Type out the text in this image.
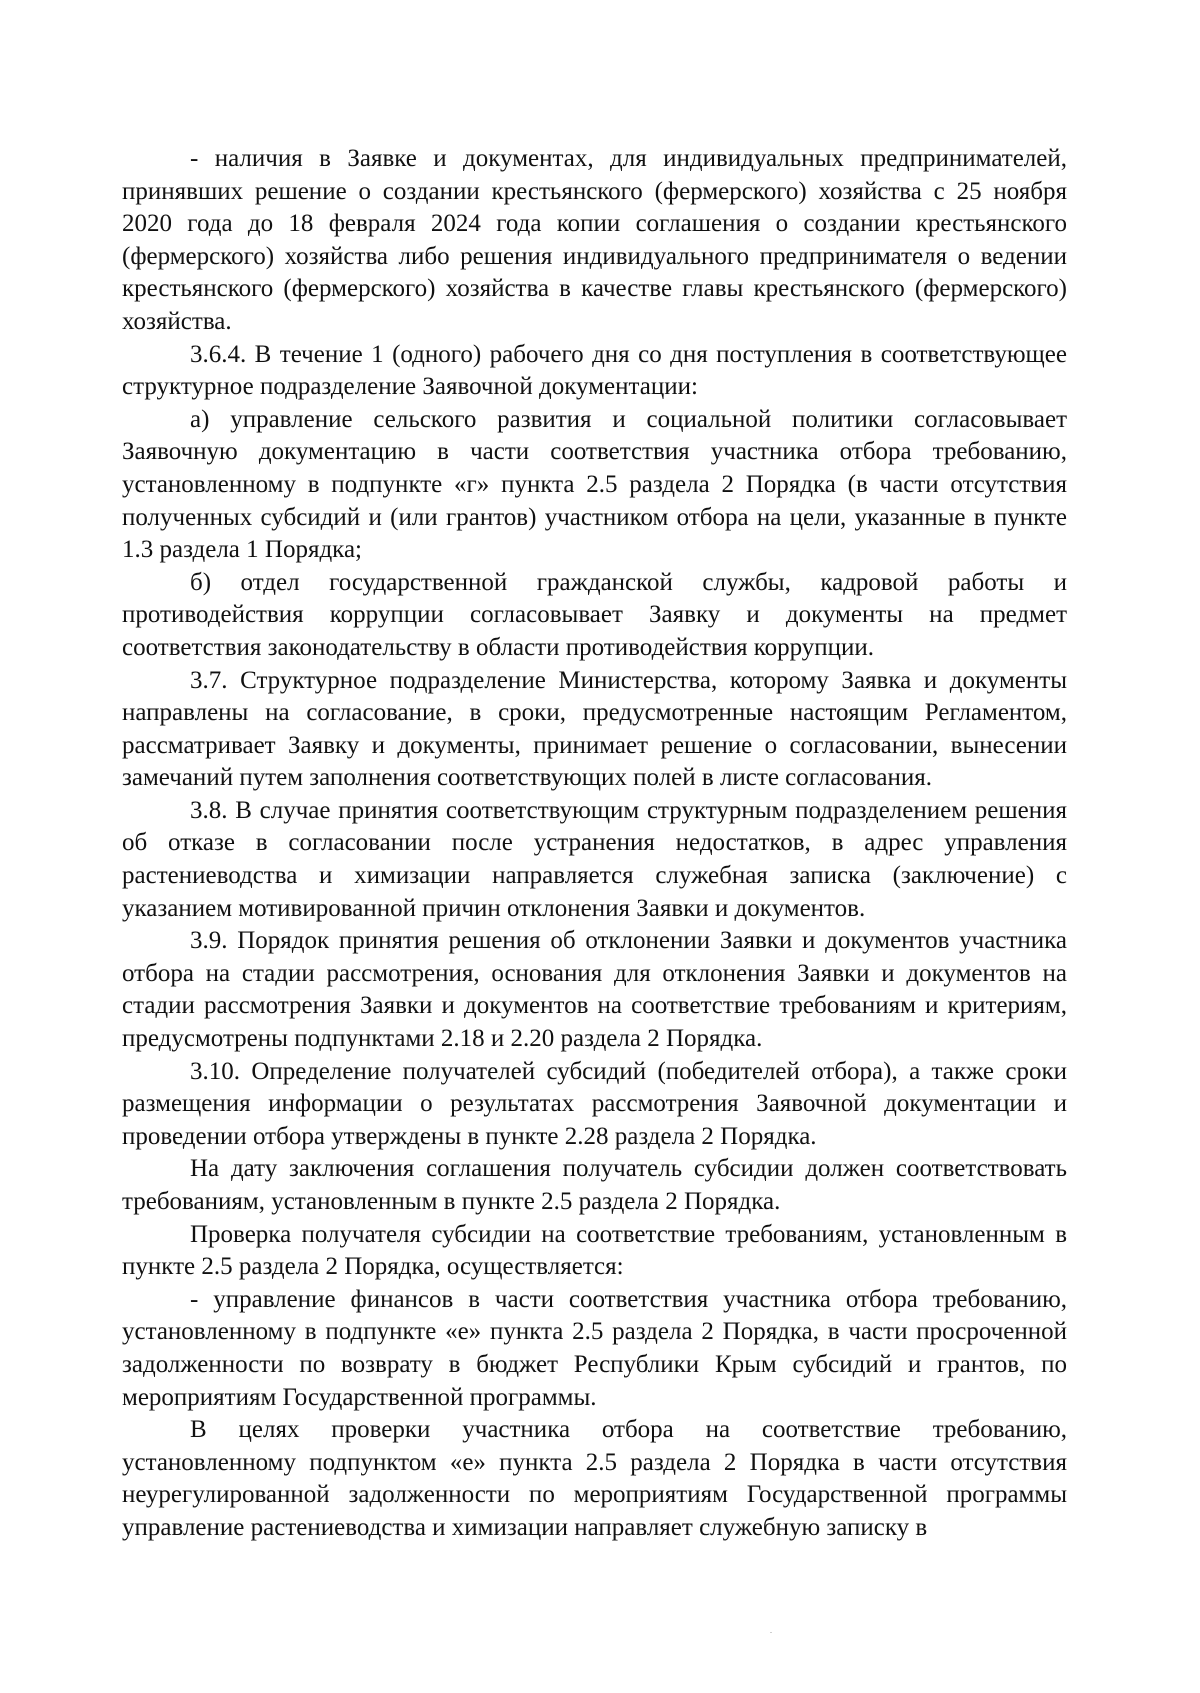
- наличия в Заявке и документах, для индивидуальных предпринимателей, принявших решение о создании крестьянского (фермерского) хозяйства с 25 ноября 2020 года до 18 февраля 2024 года копии соглашения о создании крестьянского (фермерского) хозяйства либо решения индивидуального предпринимателя о ведении крестьянского (фермерского) хозяйства в качестве главы крестьянского (фермерского) хозяйства.

3.6.4. В течение 1 (одного) рабочего дня со дня поступления в соответствующее структурное подразделение Заявочной документации:

а) управление сельского развития и социальной политики согласовывает Заявочную документацию в части соответствия участника отбора требованию, установленному в подпункте «г» пункта 2.5 раздела 2 Порядка (в части отсутствия полученных субсидий и (или грантов) участником отбора на цели, указанные в пункте 1.3 раздела 1 Порядка;

б) отдел государственной гражданской службы, кадровой работы и противодействия коррупции согласовывает Заявку и документы на предмет соответствия законодательству в области противодействия коррупции.

3.7. Структурное подразделение Министерства, которому Заявка и документы направлены на согласование, в сроки, предусмотренные настоящим Регламентом, рассматривает Заявку и документы, принимает решение о согласовании, вынесении замечаний путем заполнения соответствующих полей в листе согласования.

3.8. В случае принятия соответствующим структурным подразделением решения об отказе в согласовании после устранения недостатков, в адрес управления растениеводства и химизации направляется служебная записка (заключение) с указанием мотивированной причин отклонения Заявки и документов.

3.9. Порядок принятия решения об отклонении Заявки и документов участника отбора на стадии рассмотрения, основания для отклонения Заявки и документов на стадии рассмотрения Заявки и документов на соответствие требованиям и критериям, предусмотрены подпунктами 2.18 и 2.20 раздела 2 Порядка.

3.10. Определение получателей субсидий (победителей отбора), а также сроки размещения информации о результатах рассмотрения Заявочной документации и проведении отбора утверждены в пункте 2.28 раздела 2 Порядка.

На дату заключения соглашения получатель субсидии должен соответствовать требованиям, установленным в пункте 2.5 раздела 2 Порядка.

Проверка получателя субсидии на соответствие требованиям, установленным в пункте 2.5 раздела 2 Порядка, осуществляется:

- управление финансов в части соответствия участника отбора требованию, установленному в подпункте «е» пункта 2.5 раздела 2 Порядка, в части просроченной задолженности по возврату в бюджет Республики Крым субсидий и грантов, по мероприятиям Государственной программы.

В целях проверки участника отбора на соответствие требованию, установленному подпунктом «е» пункта 2.5 раздела 2 Порядка в части отсутствия неурегулированной задолженности по мероприятиям Государственной программы управление растениеводства и химизации направляет служебную записку в
